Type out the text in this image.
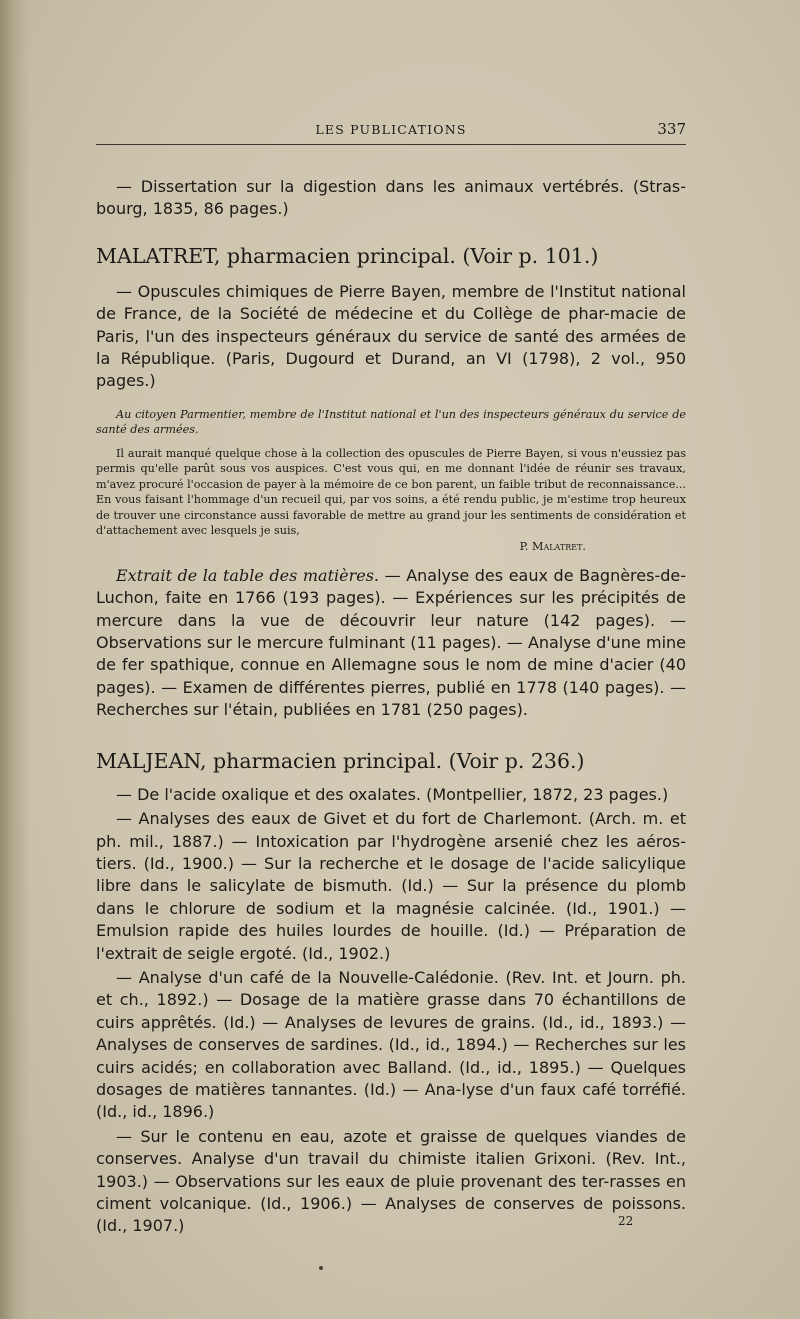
LES PUBLICATIONS	337

— Dissertation sur la digestion dans les animaux vertébrés. (Stras-bourg, 1835, 86 pages.)

MALATRET, pharmacien principal. (Voir p. 101.)

— Opuscules chimiques de Pierre Bayen, membre de l'Institut national de France, de la Société de médecine et du Collège de phar-macie de Paris, l'un des inspecteurs généraux du service de santé des armées de la République. (Paris, Dugourd et Durand, an VI (1798), 2 vol., 950 pages.)

Au citoyen Parmentier, membre de l'Institut national et l'un des inspecteurs généraux du service de santé des armées.

Il aurait manqué quelque chose à la collection des opuscules de Pierre Bayen, si vous n'eussiez pas permis qu'elle parût sous vos auspices. C'est vous qui, en me donnant l'idée de réunir ses travaux, m'avez procuré l'occasion de payer à la mémoire de ce bon parent, un faible tribut de reconnaissance... En vous faisant l'hommage d'un recueil qui, par vos soins, a été rendu public, je m'estime trop heureux de trouver une circonstance aussi favorable de mettre au grand jour les sentiments de considération et d'attachement avec lesquels je suis,

P. Malatret.

Extrait de la table des matières. — Analyse des eaux de Bagnères-de-Luchon, faite en 1766 (193 pages). — Expériences sur les précipités de mercure dans la vue de découvrir leur nature (142 pages). — Observations sur le mercure fulminant (11 pages). — Analyse d'une mine de fer spathique, connue en Allemagne sous le nom de mine d'acier (40 pages). — Examen de différentes pierres, publié en 1778 (140 pages). — Recherches sur l'étain, publiées en 1781 (250 pages).

MALJEAN, pharmacien principal. (Voir p. 236.)

— De l'acide oxalique et des oxalates. (Montpellier, 1872, 23 pages.)

— Analyses des eaux de Givet et du fort de Charlemont. (Arch. m. et ph. mil., 1887.) — Intoxication par l'hydrogène arsenié chez les aéros-tiers. (Id., 1900.) — Sur la recherche et le dosage de l'acide salicylique libre dans le salicylate de bismuth. (Id.) — Sur la présence du plomb dans le chlorure de sodium et la magnésie calcinée. (Id., 1901.) — Emulsion rapide des huiles lourdes de houille. (Id.) — Préparation de l'extrait de seigle ergoté. (Id., 1902.)

— Analyse d'un café de la Nouvelle-Calédonie. (Rev. Int. et Journ. ph. et ch., 1892.) — Dosage de la matière grasse dans 70 échantillons de cuirs apprêtés. (Id.) — Analyses de levures de grains. (Id., id., 1893.) — Analyses de conserves de sardines. (Id., id., 1894.) — Recherches sur les cuirs acidés; en collaboration avec Balland. (Id., id., 1895.) — Quelques dosages de matières tannantes. (Id.) — Ana-lyse d'un faux café torréfié. (Id., id., 1896.)

— Sur le contenu en eau, azote et graisse de quelques viandes de conserves. Analyse d'un travail du chimiste italien Grixoni. (Rev. Int., 1903.) — Observations sur les eaux de pluie provenant des ter-rasses en ciment volcanique. (Id., 1906.) — Analyses de conserves de poissons. (Id., 1907.)	22
